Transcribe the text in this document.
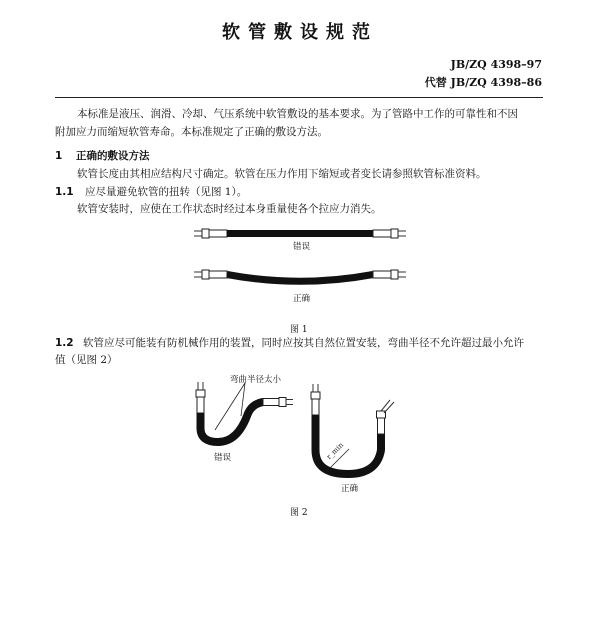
软管敷设规范
JB/ZQ 4398–97
代替 JB/ZQ 4398–86

本标准是液压、润滑、冷却、气压系统中软管敷设的基本要求。为了管路中工作的可靠性和不因

附加应力而缩短软管寿命。本标准规定了正确的敷设方法。

1 正确的敷设方法

软管长度由其相应结构尺寸确定。软管在压力作用下缩短或者变长请参照软管标准资料。

1.1 应尽量避免软管的扭转（见图 1）。

软管安装时，应使在工作状态时经过本身重量使各个拉应力消失。

错误
正确
图 1
1.2 软管应尽可能装有防机械作用的装置，同时应按其自然位置安装，弯曲半径不允许超过最小允许

值（见图 2）

弯曲半径太小
r_min
错误
正确
图 2
